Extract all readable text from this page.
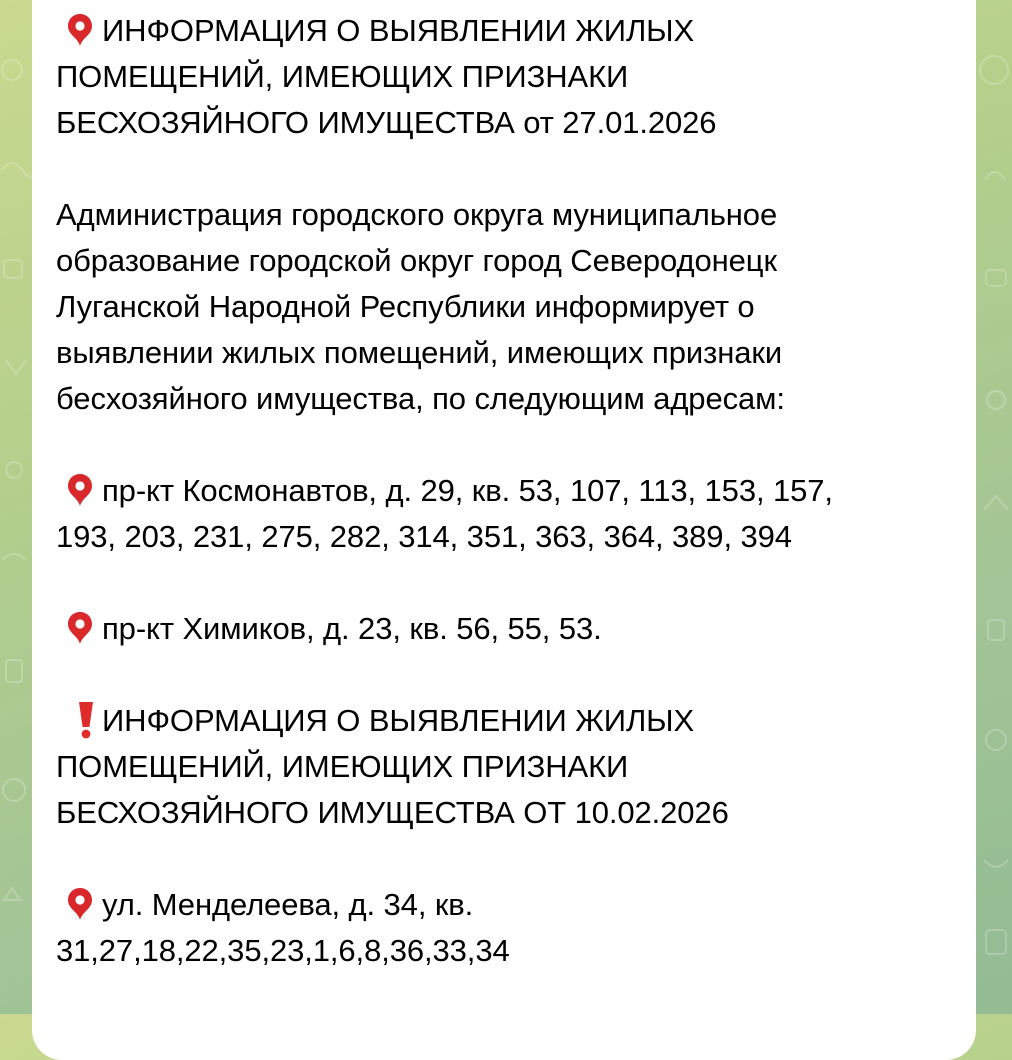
ИНФОРМАЦИЯ О ВЫЯВЛЕНИИ ЖИЛЫХ
ПОМЕЩЕНИЙ, ИМЕЮЩИХ ПРИЗНАКИ
БЕСХОЗЯЙНОГО ИМУЩЕСТВА от 27.01.2026
Администрация городского округа муниципальное
образование городской округ город Северодонецк
Луганской Народной Республики информирует о
выявлении жилых помещений, имеющих признаки
бесхозяйного имущества, по следующим адресам:
пр-кт Космонавтов, д. 29, кв. 53, 107, 113, 153, 157,
193, 203, 231, 275, 282, 314, 351, 363, 364, 389, 394
пр-кт Химиков, д. 23, кв. 56, 55, 53.
ИНФОРМАЦИЯ О ВЫЯВЛЕНИИ ЖИЛЫХ
ПОМЕЩЕНИЙ, ИМЕЮЩИХ ПРИЗНАКИ
БЕСХОЗЯЙНОГО ИМУЩЕСТВА ОТ 10.02.2026
ул. Менделеева, д. 34, кв.
31,27,18,22,35,23,1,6,8,36,33,34
